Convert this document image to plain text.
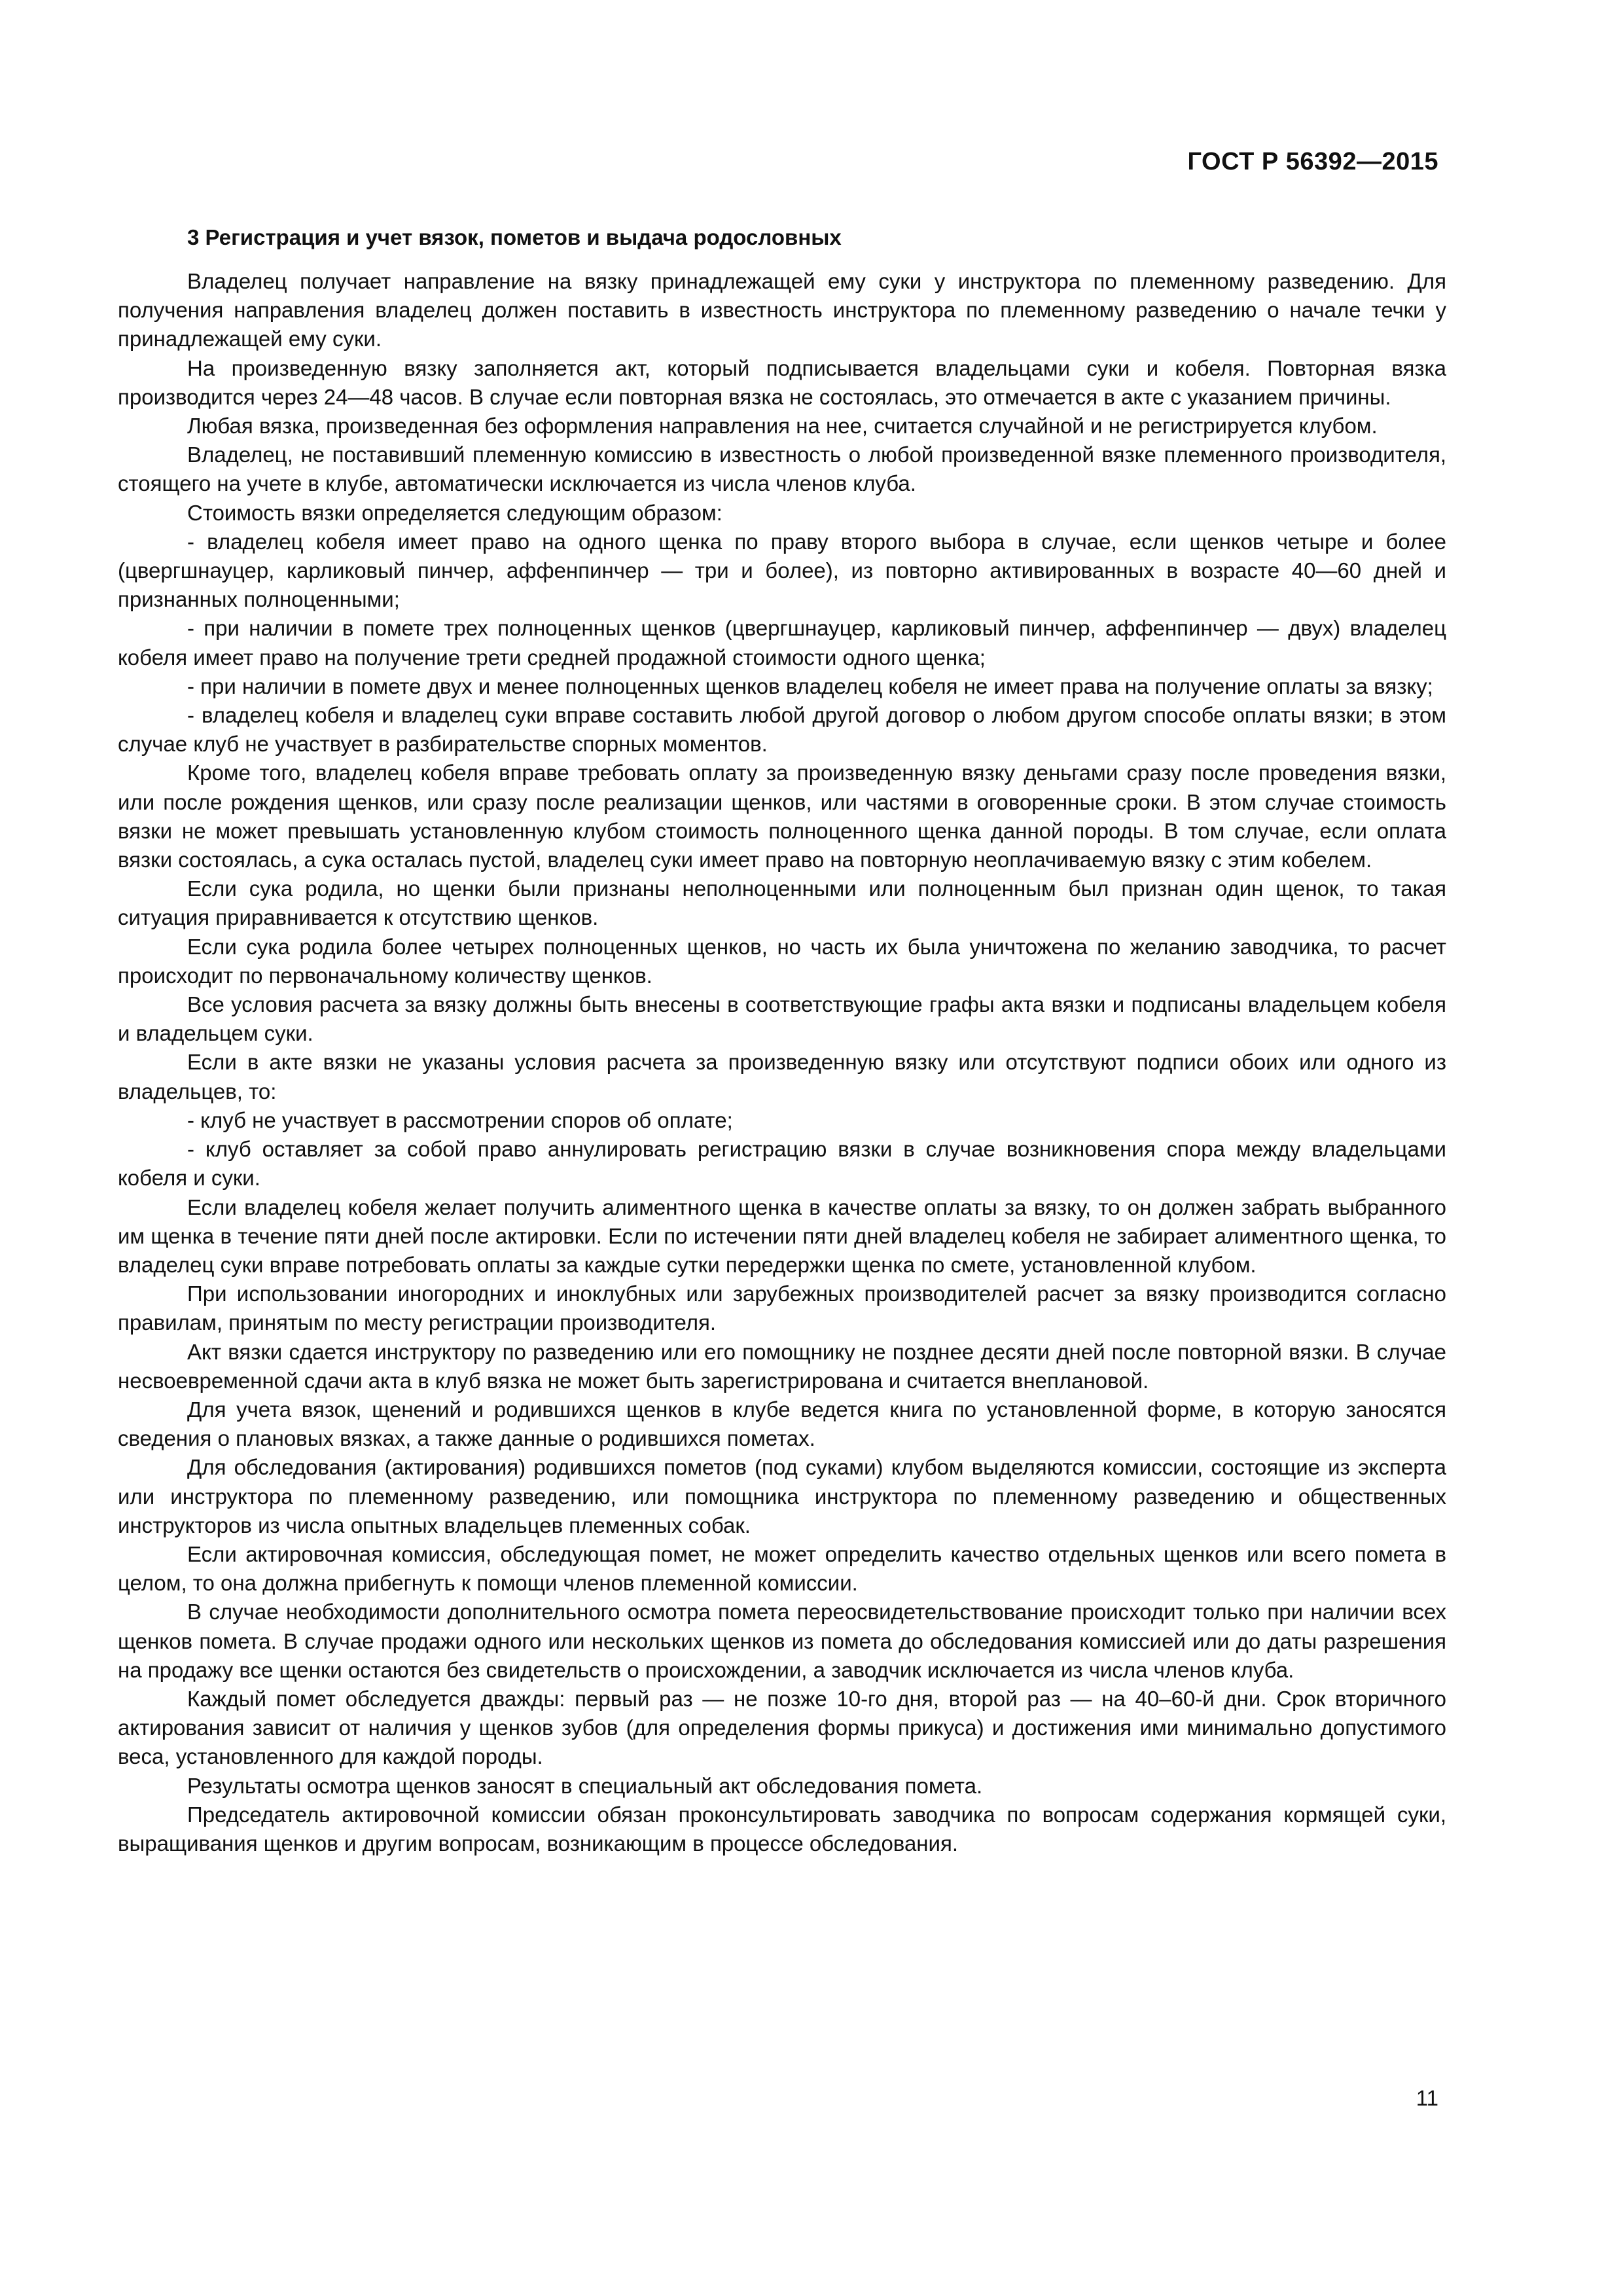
ГОСТ Р 56392—2015
3 Регистрация и учет вязок, пометов и выдача родословных

Владелец получает направление на вязку принадлежащей ему суки у инструктора по племенному разведению. Для получения направления владелец должен поставить в известность инструктора по племенному разведению о начале течки у принадлежащей ему суки.

На произведенную вязку заполняется акт, который подписывается владельцами суки и кобеля. Повторная вязка производится через 24—48 часов. В случае если повторная вязка не состоялась, это отмечается в акте с указанием причины.

Любая вязка, произведенная без оформления направления на нее, считается случайной и не регистрируется клубом.

Владелец, не поставивший племенную комиссию в известность о любой произведенной вязке племенного производителя, стоящего на учете в клубе, автоматически исключается из числа членов клуба.

Стоимость вязки определяется следующим образом:

- владелец кобеля имеет право на одного щенка по праву второго выбора в случае, если щенков четыре и более (цвергшнауцер, карликовый пинчер, аффенпинчер — три и более), из повторно активированных в возрасте 40—60 дней и признанных полноценными;

- при наличии в помете трех полноценных щенков (цвергшнауцер, карликовый пинчер, аффенпинчер — двух) владелец кобеля имеет право на получение трети средней продажной стоимости одного щенка;

- при наличии в помете двух и менее полноценных щенков владелец кобеля не имеет права на получение оплаты за вязку;

- владелец кобеля и владелец суки вправе составить любой другой договор о любом другом способе оплаты вязки; в этом случае клуб не участвует в разбирательстве спорных моментов.

Кроме того, владелец кобеля вправе требовать оплату за произведенную вязку деньгами сразу после проведения вязки, или после рождения щенков, или сразу после реализации щенков, или частями в оговоренные сроки. В этом случае стоимость вязки не может превышать установленную клубом стоимость полноценного щенка данной породы. В том случае, если оплата вязки состоялась, а сука осталась пустой, владелец суки имеет право на повторную неоплачиваемую вязку с этим кобелем.

Если сука родила, но щенки были признаны неполноценными или полноценным был признан один щенок, то такая ситуация приравнивается к отсутствию щенков.

Если сука родила более четырех полноценных щенков, но часть их была уничтожена по желанию заводчика, то расчет происходит по первоначальному количеству щенков.

Все условия расчета за вязку должны быть внесены в соответствующие графы акта вязки и подписаны владельцем кобеля и владельцем суки.

Если в акте вязки не указаны условия расчета за произведенную вязку или отсутствуют подписи обоих или одного из владельцев, то:

- клуб не участвует в рассмотрении споров об оплате;

- клуб оставляет за собой право аннулировать регистрацию вязки в случае возникновения спора между владельцами кобеля и суки.

Если владелец кобеля желает получить алиментного щенка в качестве оплаты за вязку, то он должен забрать выбранного им щенка в течение пяти дней после актировки. Если по истечении пяти дней владелец кобеля не забирает алиментного щенка, то владелец суки вправе потребовать оплаты за каждые сутки передержки щенка по смете, установленной клубом.

При использовании иногородних и иноклубных или зарубежных производителей расчет за вязку производится согласно правилам, принятым по месту регистрации производителя.

Акт вязки сдается инструктору по разведению или его помощнику не позднее десяти дней после повторной вязки. В случае несвоевременной сдачи акта в клуб вязка не может быть зарегистрирована и считается внеплановой.

Для учета вязок, щенений и родившихся щенков в клубе ведется книга по установленной форме, в которую заносятся сведения о плановых вязках, а также данные о родившихся пометах.

Для обследования (актирования) родившихся пометов (под суками) клубом выделяются комиссии, состоящие из эксперта или инструктора по племенному разведению, или помощника инструктора по племенному разведению и общественных инструкторов из числа опытных владельцев племенных собак.

Если актировочная комиссия, обследующая помет, не может определить качество отдельных щенков или всего помета в целом, то она должна прибегнуть к помощи членов племенной комиссии.

В случае необходимости дополнительного осмотра помета переосвидетельствование происходит только при наличии всех щенков помета. В случае продажи одного или нескольких щенков из помета до обследования комиссией или до даты разрешения на продажу все щенки остаются без свидетельств о происхождении, а заводчик исключается из числа членов клуба.

Каждый помет обследуется дважды: первый раз — не позже 10-го дня, второй раз — на 40–60-й дни. Срок вторичного актирования зависит от наличия у щенков зубов (для определения формы прикуса) и достижения ими минимально допустимого веса, установленного для каждой породы.

Результаты осмотра щенков заносят в специальный акт обследования помета.

Председатель актировочной комиссии обязан проконсультировать заводчика по вопросам содержания кормящей суки, выращивания щенков и другим вопросам, возникающим в процессе обследования.

11
